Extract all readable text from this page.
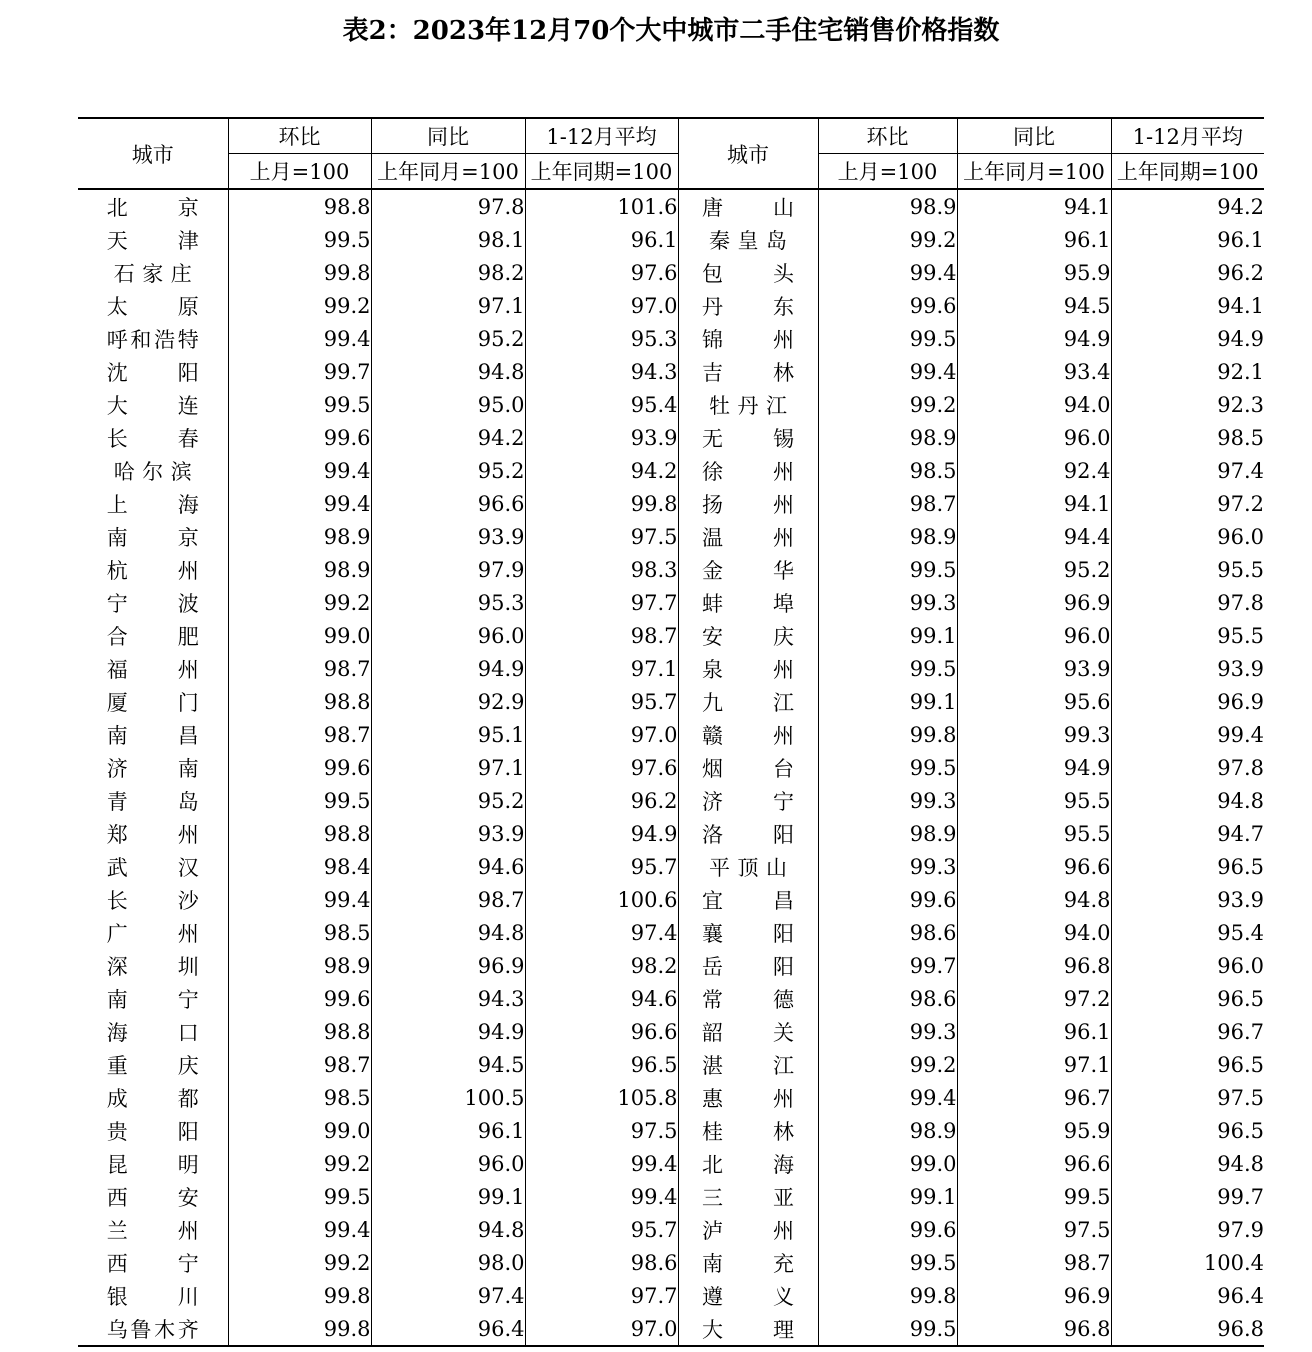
表2：2023年12月70个大中城市二手住宅销售价格指数
城市	环比	同比	1-12月平均	城市	环比	同比	1-12月平均
	上月=100	上年同月=100	上年同期=100		上月=100	上年同月=100	上年同期=100
北京	98.8	97.8	101.6	唐山	98.9	94.1	94.2
天津	99.5	98.1	96.1	秦皇岛	99.2	96.1	96.1
石家庄	99.8	98.2	97.6	包头	99.4	95.9	96.2
太原	99.2	97.1	97.0	丹东	99.6	94.5	94.1
呼和浩特	99.4	95.2	95.3	锦州	99.5	94.9	94.9
沈阳	99.7	94.8	94.3	吉林	99.4	93.4	92.1
大连	99.5	95.0	95.4	牡丹江	99.2	94.0	92.3
长春	99.6	94.2	93.9	无锡	98.9	96.0	98.5
哈尔滨	99.4	95.2	94.2	徐州	98.5	92.4	97.4
上海	99.4	96.6	99.8	扬州	98.7	94.1	97.2
南京	98.9	93.9	97.5	温州	98.9	94.4	96.0
杭州	98.9	97.9	98.3	金华	99.5	95.2	95.5
宁波	99.2	95.3	97.7	蚌埠	99.3	96.9	97.8
合肥	99.0	96.0	98.7	安庆	99.1	96.0	95.5
福州	98.7	94.9	97.1	泉州	99.5	93.9	93.9
厦门	98.8	92.9	95.7	九江	99.1	95.6	96.9
南昌	98.7	95.1	97.0	赣州	99.8	99.3	99.4
济南	99.6	97.1	97.6	烟台	99.5	94.9	97.8
青岛	99.5	95.2	96.2	济宁	99.3	95.5	94.8
郑州	98.8	93.9	94.9	洛阳	98.9	95.5	94.7
武汉	98.4	94.6	95.7	平顶山	99.3	96.6	96.5
长沙	99.4	98.7	100.6	宜昌	99.6	94.8	93.9
广州	98.5	94.8	97.4	襄阳	98.6	94.0	95.4
深圳	98.9	96.9	98.2	岳阳	99.7	96.8	96.0
南宁	99.6	94.3	94.6	常德	98.6	97.2	96.5
海口	98.8	94.9	96.6	韶关	99.3	96.1	96.7
重庆	98.7	94.5	96.5	湛江	99.2	97.1	96.5
成都	98.5	100.5	105.8	惠州	99.4	96.7	97.5
贵阳	99.0	96.1	97.5	桂林	98.9	95.9	96.5
昆明	99.2	96.0	99.4	北海	99.0	96.6	94.8
西安	99.5	99.1	99.4	三亚	99.1	99.5	99.7
兰州	99.4	94.8	95.7	泸州	99.6	97.5	97.9
西宁	99.2	98.0	98.6	南充	99.5	98.7	100.4
银川	99.8	97.4	97.7	遵义	99.8	96.9	96.4
乌鲁木齐	99.8	96.4	97.0	大理	99.5	96.8	96.8
